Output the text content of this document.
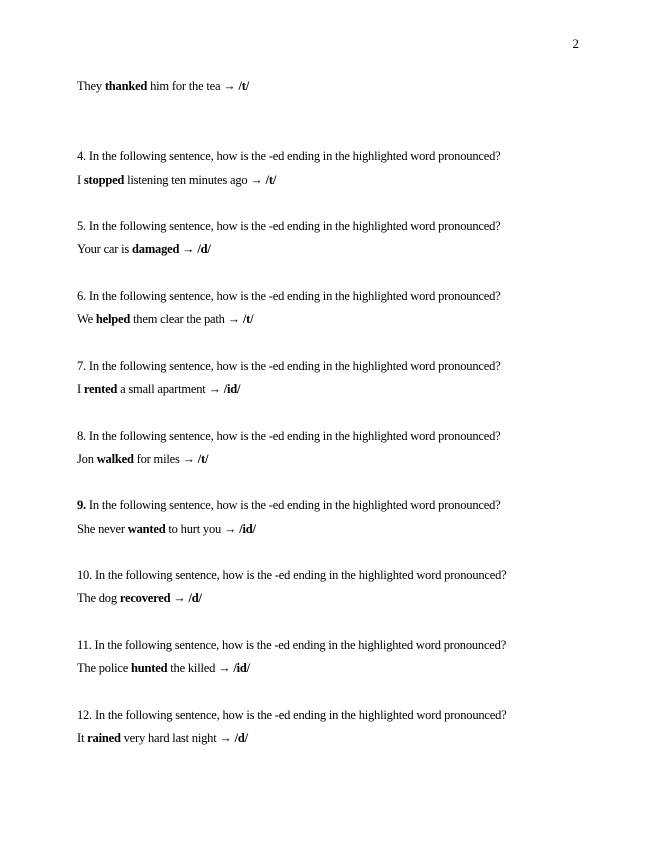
2
They thanked him for the tea → /t/
4. In the following sentence, how is the -ed ending in the highlighted word pronounced?
I stopped listening ten minutes ago → /t/
5. In the following sentence, how is the -ed ending in the highlighted word pronounced?
Your car is damaged → /d/
6. In the following sentence, how is the -ed ending in the highlighted word pronounced?
We helped them clear the path → /t/
7. In the following sentence, how is the -ed ending in the highlighted word pronounced?
I rented a small apartment → /id/
8. In the following sentence, how is the -ed ending in the highlighted word pronounced?
Jon walked for miles → /t/
9. In the following sentence, how is the -ed ending in the highlighted word pronounced?
She never wanted to hurt you → /id/
10. In the following sentence, how is the -ed ending in the highlighted word pronounced?
The dog recovered → /d/
11. In the following sentence, how is the -ed ending in the highlighted word pronounced?
The police hunted the killed → /id/
12. In the following sentence, how is the -ed ending in the highlighted word pronounced?
It rained very hard last night → /d/
